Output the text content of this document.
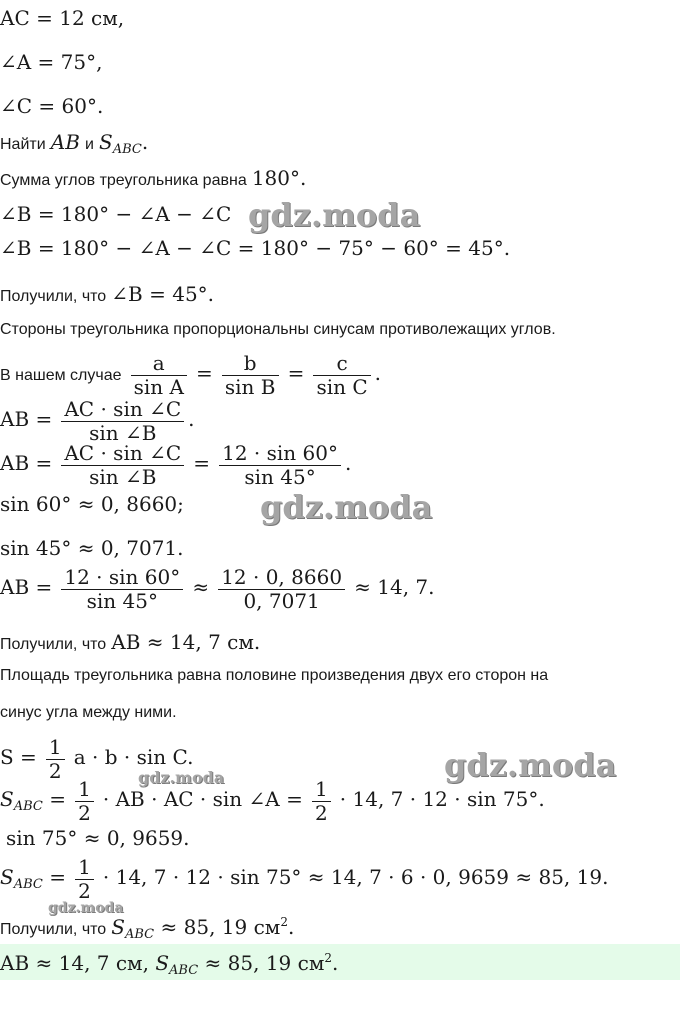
AC = 12 см,
∠A = 75°,
∠C = 60°.
Найти AB и $S_{ABC}$.
Сумма углов треугольника равна 180°.
∠B = 180° − ∠A − ∠C
∠B = 180° − ∠A − ∠C = 180° − 75° − 60° = 45°.
Получили, что ∠B = 45°.
Стороны треугольника пропорциональны синусам противолежащих углов.
В нашем случае $\frac{a}{\text{sin A}} = \frac{b}{\text{sin B}} = \frac{c}{\text{sin C}}$ .
AB = $\frac{AC \cdot \sin \angle C}{\sin \angle B}$ .
AB = $\frac{AC \cdot \sin \angle C}{\sin \angle B} = \frac{12 \cdot \sin 60^\circ}{\sin 45^\circ}$ .
sin 60° ≈ 0, 8660;
sin 45° ≈ 0, 7071.
AB = $\frac{12 \cdot \sin 60^\circ}{\sin 45^\circ} \approx \frac{12 \cdot 0, 8660}{0, 7071} \approx 14$, 7.
Получили, что AB ≈ 14, 7 см.
Площадь треугольника равна половине произведения двух его сторон на
синус угла между ними.
$S = \frac{1}{2}$ a · b · sin C.
$S_{ABC} = \frac{1}{2}$ · AB · AC · sin ∠A = $\frac{1}{2} \cdot 14$, 7 · 12 · sin 75°.
sin 75° ≈ 0, 9659.
$S_{ABC} = \frac{1}{2} \cdot 14$, 7 · 12 · sin 75° ≈ 14, 7 · 6 · 0, 9659 ≈ 85, 19.
Получили, что $S_{ABC} \approx 85$, 19 $см^2$.
AB ≈ 14, 7 см, $S_{ABC} \approx 85$, 19 $см^2$.
gdz.moda
gdz.moda
gdz.moda
gdz.moda
gdz.moda
